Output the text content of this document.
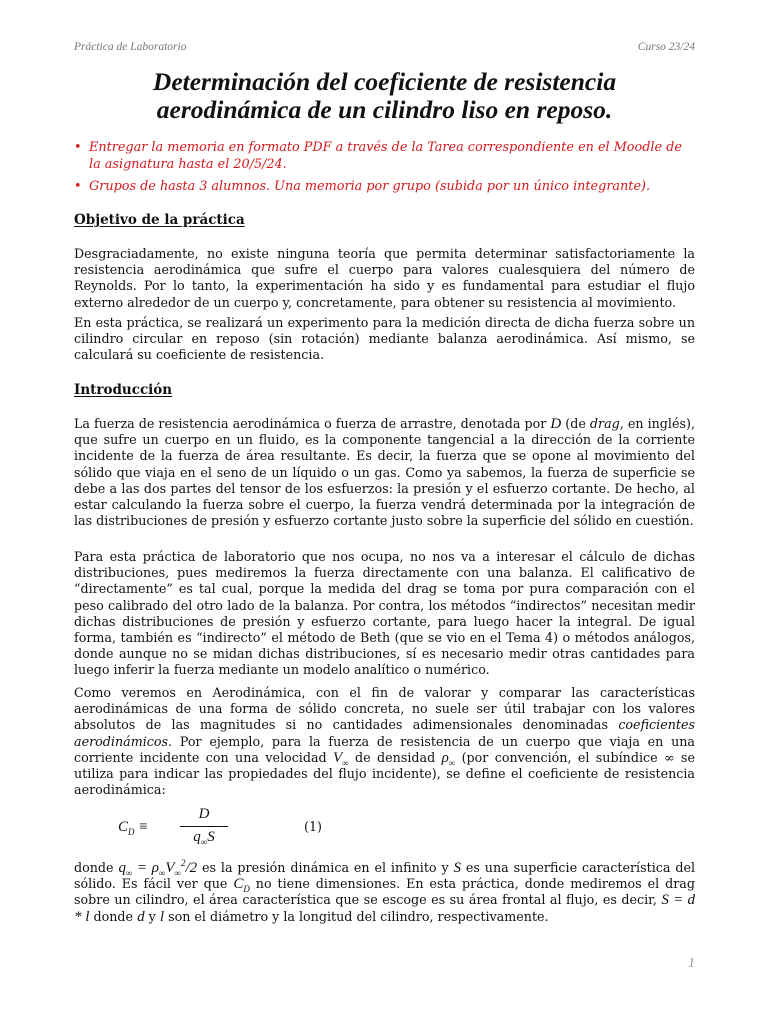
Práctica de Laboratorio	Curso 23/24
Determinación del coeficiente de resistencia
aerodinámica de un cilindro liso en reposo.
• Entregar la memoria en formato PDF a través de la Tarea correspondiente en el Moodle de la asignatura hasta el 20/5/24.
• Grupos de hasta 3 alumnos. Una memoria por grupo (subida por un único integrante).
Objetivo de la práctica

Desgraciadamente, no existe ninguna teoría que permita determinar satisfactoriamente la resistencia aerodinámica que sufre el cuerpo para valores cualesquiera del número de Reynolds. Por lo tanto, la experimentación ha sido y es fundamental para estudiar el flujo externo alrededor de un cuerpo y, concretamente, para obtener su resistencia al movimiento.

En esta práctica, se realizará un experimento para la medición directa de dicha fuerza sobre un cilindro circular en reposo (sin rotación) mediante balanza aerodinámica. Así mismo, se calculará su coeficiente de resistencia.

Introducción

La fuerza de resistencia aerodinámica o fuerza de arrastre, denotada por D (de drag, en inglés), que sufre un cuerpo en un fluido, es la componente tangencial a la dirección de la corriente incidente de la fuerza de área resultante. Es decir, la fuerza que se opone al movimiento del sólido que viaja en el seno de un líquido o un gas. Como ya sabemos, la fuerza de superficie se debe a las dos partes del tensor de los esfuerzos: la presión y el esfuerzo cortante. De hecho, al estar calculando la fuerza sobre el cuerpo, la fuerza vendrá determinada por la integración de las distribuciones de presión y esfuerzo cortante justo sobre la superficie del sólido en cuestión.

Para esta práctica de laboratorio que nos ocupa, no nos va a interesar el cálculo de dichas distribuciones, pues mediremos la fuerza directamente con una balanza. El calificativo de “directamente” es tal cual, porque la medida del drag se toma por pura comparación con el peso calibrado del otro lado de la balanza. Por contra, los métodos “indirectos” necesitan medir dichas distribuciones de presión y esfuerzo cortante, para luego hacer la integral. De igual forma, también es “indirecto” el método de Beth (que se vio en el Tema 4) o métodos análogos, donde aunque no se midan dichas distribuciones, sí es necesario medir otras cantidades para luego inferir la fuerza mediante un modelo analítico o numérico.

Como veremos en Aerodinámica, con el fin de valorar y comparar las características aerodinámicas de una forma de sólido concreta, no suele ser útil trabajar con los valores absolutos de las magnitudes si no cantidades adimensionales denominadas coeficientes aerodinámicos. Por ejemplo, para la fuerza de resistencia de un cuerpo que viaja en una corriente incidente con una velocidad $V_\infty$ de densidad $\rho_\infty$ (por convención, el subíndice ∞ se utiliza para indicar las propiedades del flujo incidente), se define el coeficiente de resistencia aerodinámica:

$C_D$ ≡
D
$q_\infty S$
(1)

donde $q_\infty = \rho_\infty V_\infty^2/2$ es la presión dinámica en el infinito y S es una superficie característica del sólido. Es fácil ver que $C_D$ no tiene dimensiones. En esta práctica, donde mediremos el drag sobre un cilindro, el área característica que se escoge es su área frontal al flujo, es decir, S = d * l donde d y l son el diámetro y la longitud del cilindro, respectivamente.

1
